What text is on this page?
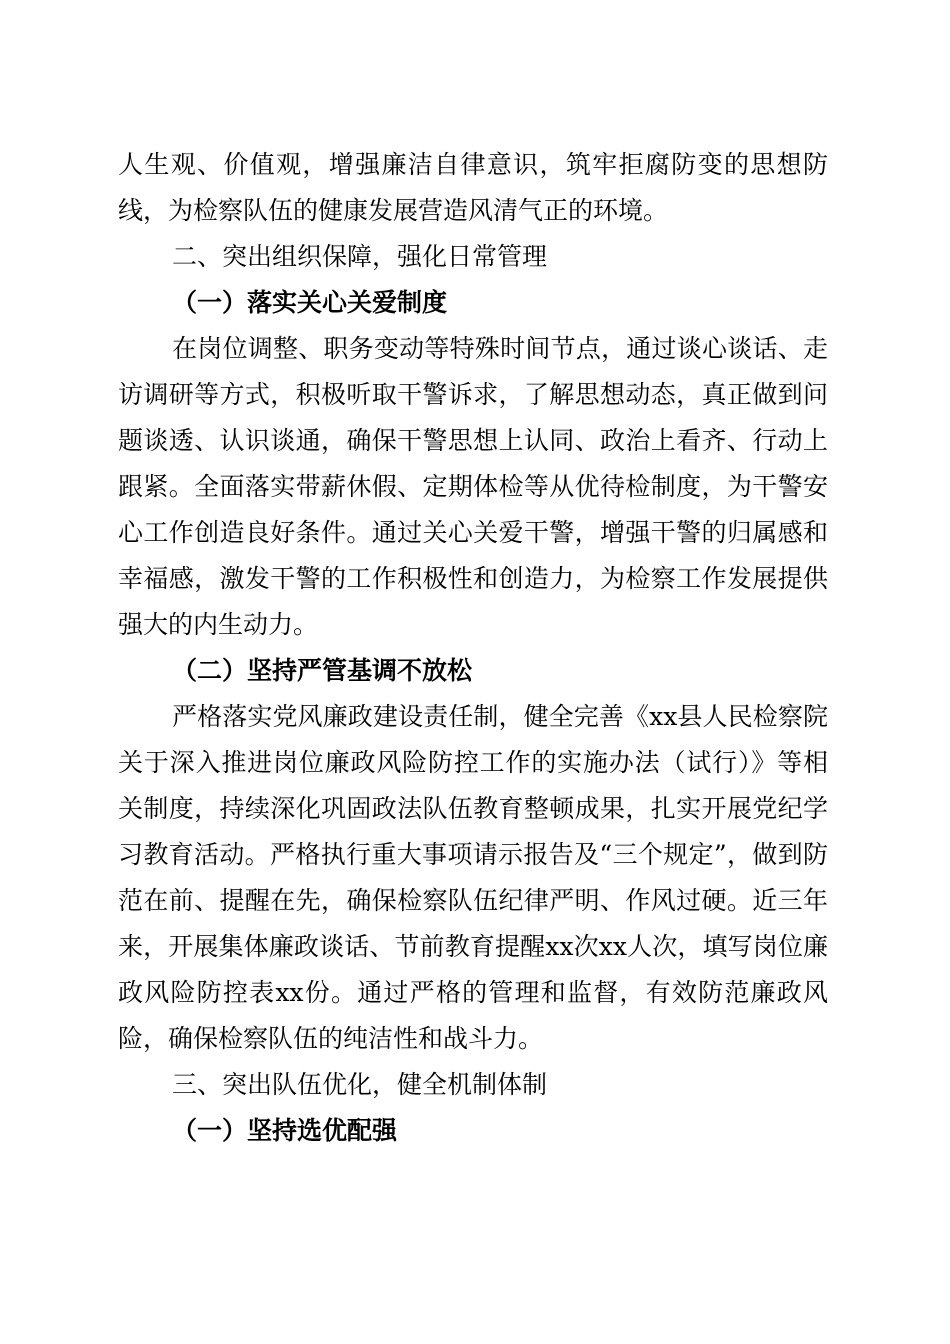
人生观、价值观，增强廉洁自律意识，筑牢拒腐防变的思想防线，为检察队伍的健康发展营造风清气正的环境。

二、突出组织保障，强化日常管理
（一）落实关心关爱制度

在岗位调整、职务变动等特殊时间节点，通过谈心谈话、走访调研等方式，积极听取干警诉求，了解思想动态，真正做到问题谈透、认识谈通，确保干警思想上认同、政治上看齐、行动上跟紧。全面落实带薪休假、定期体检等从优待检制度，为干警安心工作创造良好条件。通过关心关爱干警，增强干警的归属感和幸福感，激发干警的工作积极性和创造力，为检察工作发展提供强大的内生动力。

（二）坚持严管基调不放松

严格落实党风廉政建设责任制，健全完善《xx县人民检察院关于深入推进岗位廉政风险防控工作的实施办法（试行）》等相关制度，持续深化巩固政法队伍教育整顿成果，扎实开展党纪学习教育活动。严格执行重大事项请示报告及“三个规定”，做到防范在前、提醒在先，确保检察队伍纪律严明、作风过硬。近三年来，开展集体廉政谈话、节前教育提醒xx次xx人次，填写岗位廉政风险防控表xx份。通过严格的管理和监督，有效防范廉政风险，确保检察队伍的纯洁性和战斗力。

三、突出队伍优化，健全机制体制
（一）坚持选优配强
